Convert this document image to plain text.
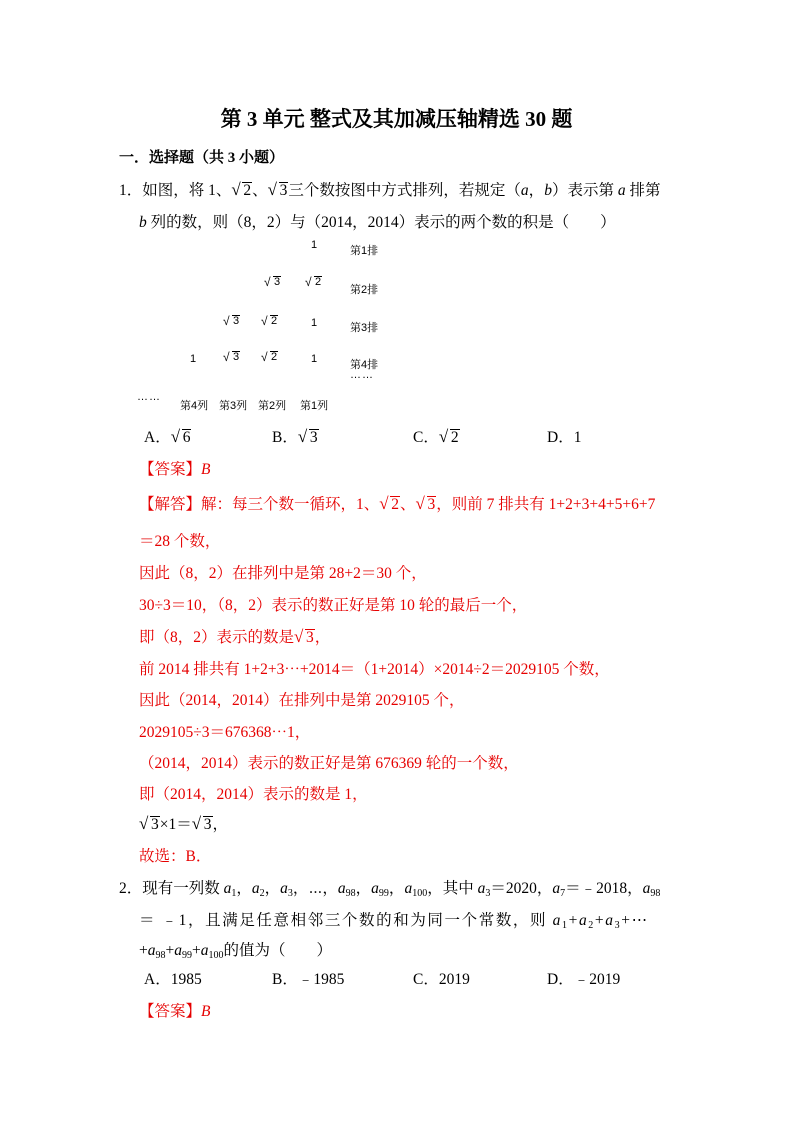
第 3 单元 整式及其加减压轴精选 30 题
一．选择题（共 3 小题）
1．如图，将 1、 √ 2、 √ 3三个数按图中方式排列，若规定（a，b）表示第 a 排第
b 列的数，则（8，2）与（2014，2014）表示的两个数的积是（　　）
1	第1排
√ 3	√ 2
第2排
√ 3	√ 2	1	第3排
1	√ 3	√ 2	1	第4排
……
……
第4列 第3列 第2列 第1列
A． √ 6	B． √ 3	C． √ 2	D．1
【答案】B
【解答】解：每三个数一循环，1、 √ 2、 √ 3，则前 7 排共有 1+2+3+4+5+6+7
＝28 个数，
因此（8，2）在排列中是第 28+2＝30 个，
30÷3＝10，（8，2）表示的数正好是第 10 轮的最后一个，
即（8，2）表示的数是 √ 3，
前 2014 排共有 1+2+3⋯+2014＝（1+2014）×2014÷2＝2029105 个数，
因此（2014，2014）在排列中是第 2029105 个，
2029105÷3＝676368⋯1，
（2014，2014）表示的数正好是第 676369 轮的一个数，
即（2014，2014）表示的数是 1，
√ 3×1＝ √ 3，
故选：B．
2．现有一列数 $a_1$，$a_2$，$a_3$，⋯，$a_{98}$，$a_{99}$，$a_{100}$，其中 $a_3=2020$，$a_7=﹣2018$，$a_{98}$
＝ ﹣1，且满足任意相邻三个数的和为同一个常数，则 $a_1+a_2+a_3+\cdots$
$+a_{98}+a_{99}+a_{100}$的值为（　　）
A．1985	B．﹣1985	C．2019	D．﹣2019
【答案】B
